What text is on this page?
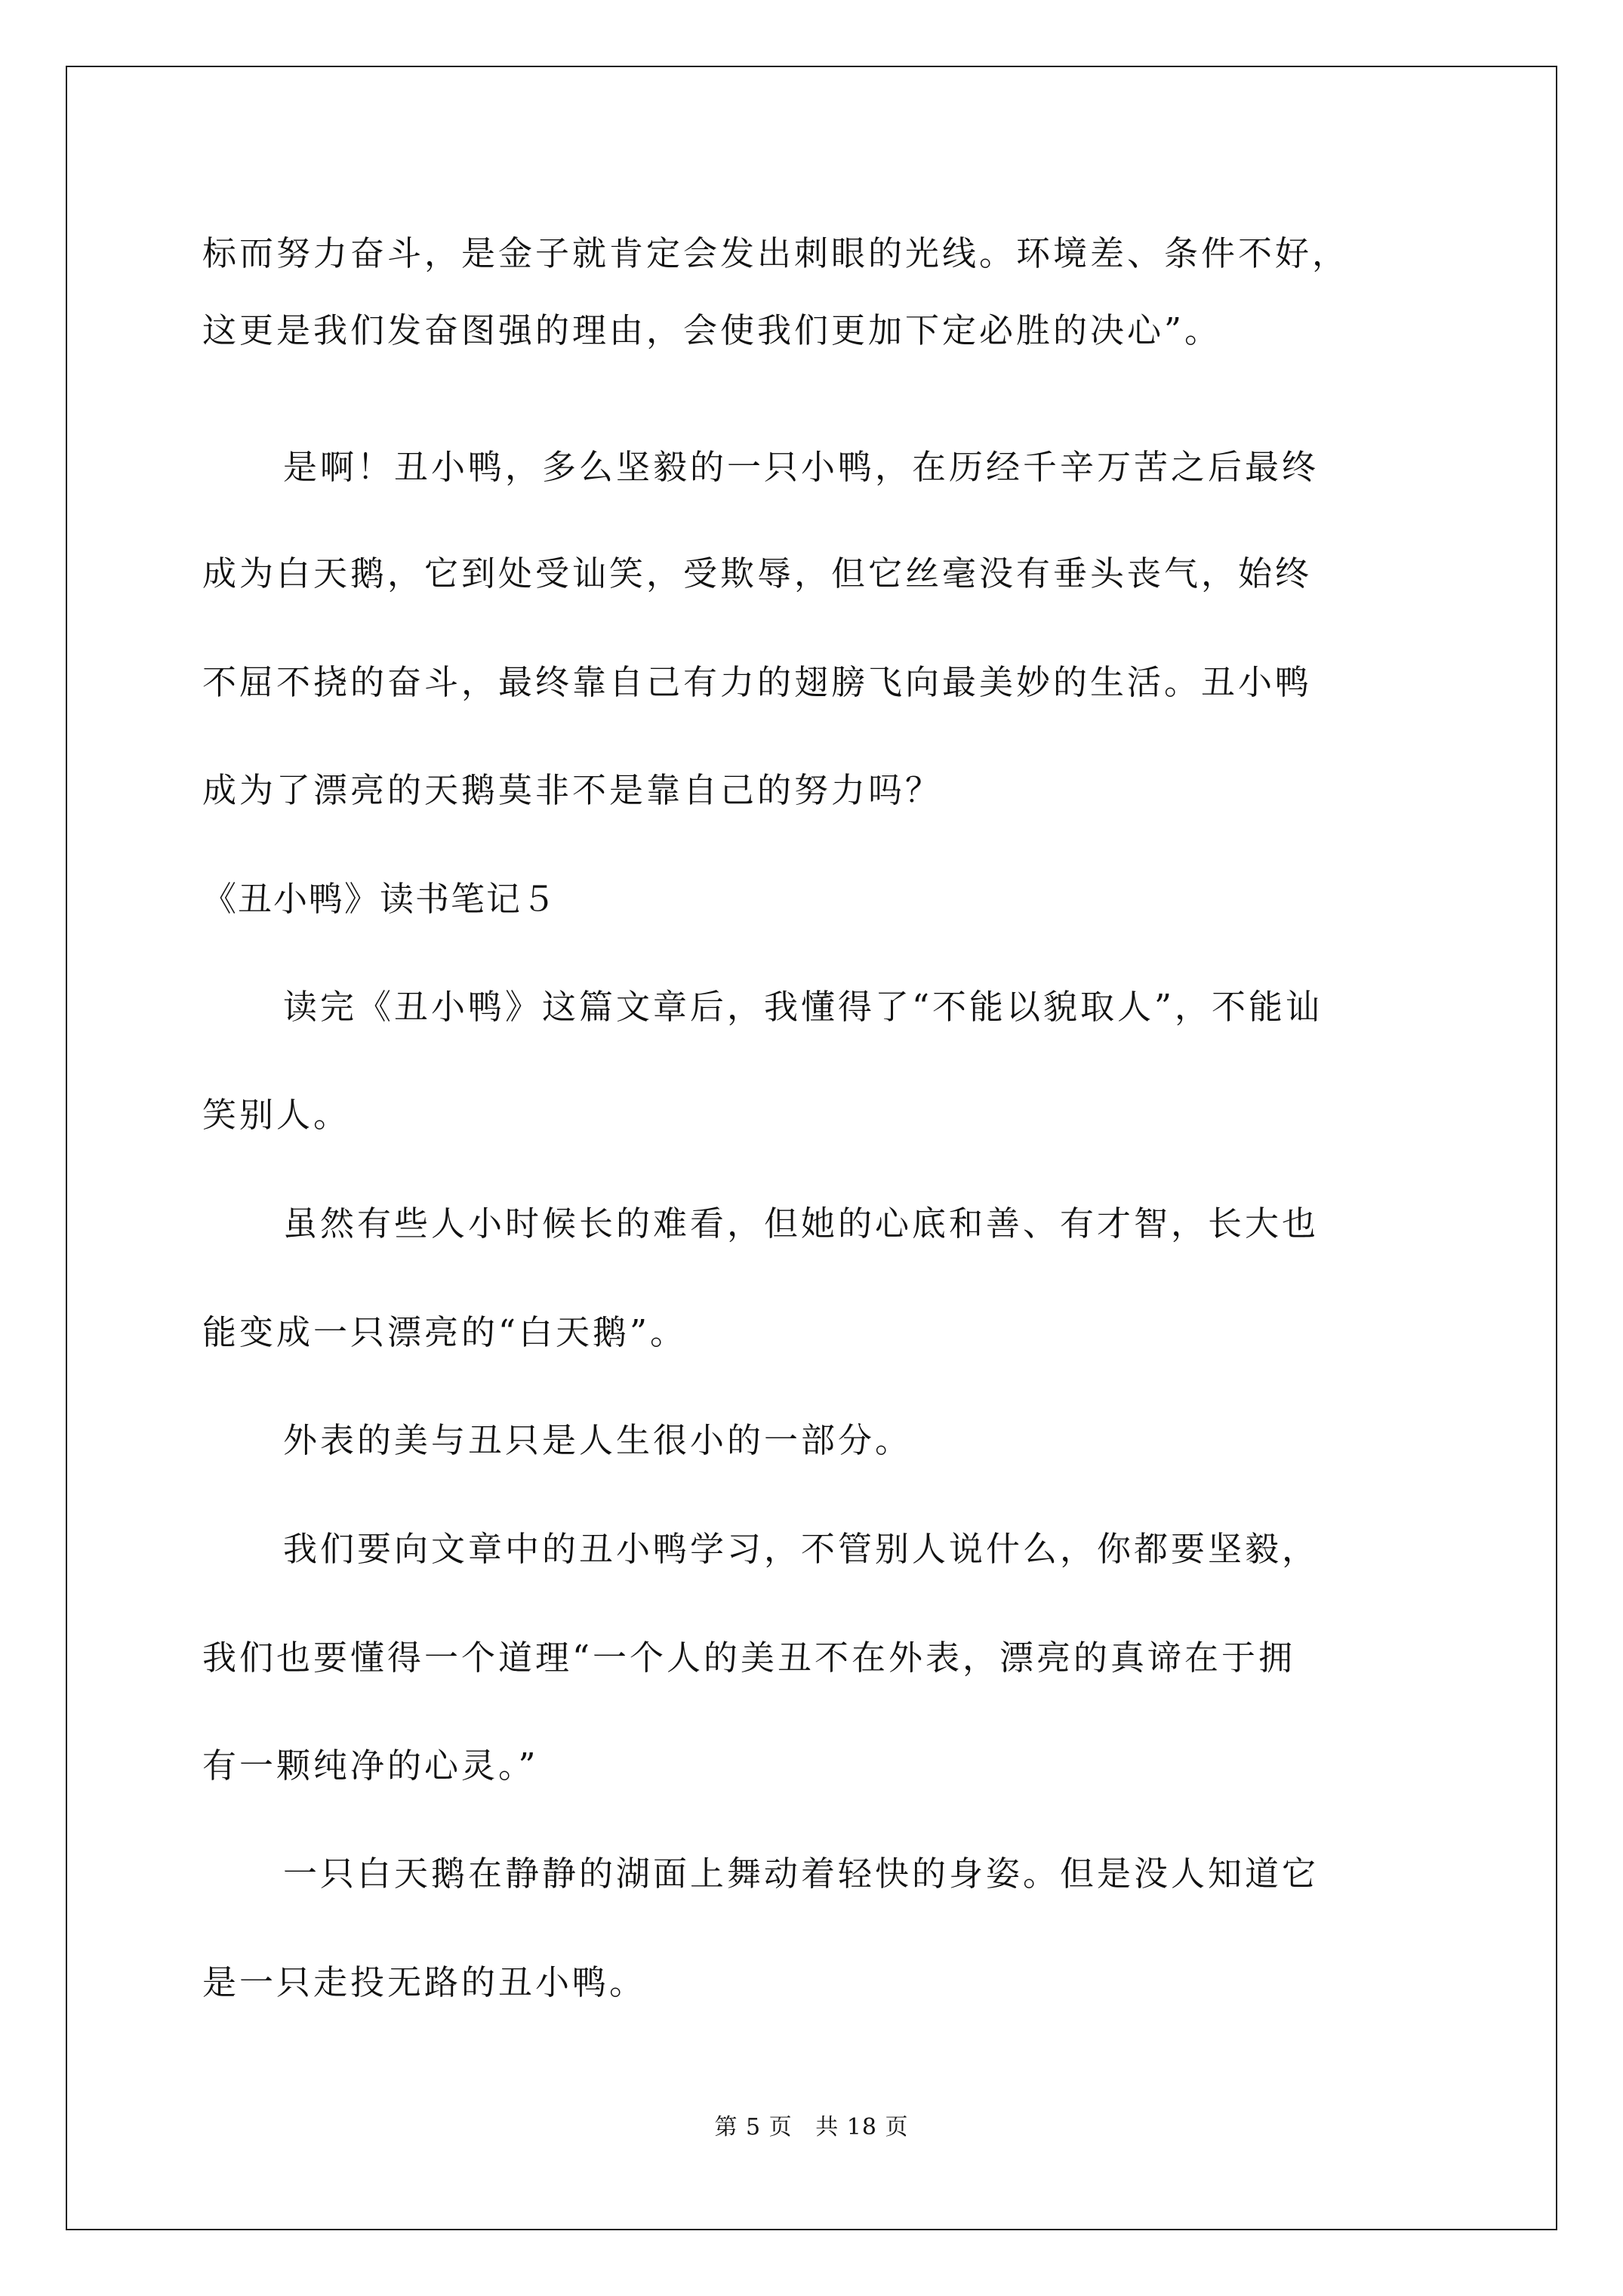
标而努力奋斗，是金子就肯定会发出刺眼的光线。环境差、条件不好，
这更是我们发奋图强的理由，会使我们更加下定必胜的决心”。
是啊！丑小鸭，多么坚毅的一只小鸭，在历经千辛万苦之后最终
成为白天鹅，它到处受讪笑，受欺辱，但它丝毫没有垂头丧气，始终
不屈不挠的奋斗，最终靠自己有力的翅膀飞向最美妙的生活。丑小鸭
成为了漂亮的天鹅莫非不是靠自己的努力吗？
《丑小鸭》读书笔记５
读完《丑小鸭》这篇文章后，我懂得了“不能以貌取人”，不能讪
笑别人。
虽然有些人小时候长的难看，但她的心底和善、有才智，长大也
能变成一只漂亮的“白天鹅”。
外表的美与丑只是人生很小的一部分。
我们要向文章中的丑小鸭学习，不管别人说什么，你都要坚毅，
我们也要懂得一个道理“一个人的美丑不在外表，漂亮的真谛在于拥
有一颗纯净的心灵。”
一只白天鹅在静静的湖面上舞动着轻快的身姿。但是没人知道它
是一只走投无路的丑小鸭。
第 5 页 共 18 页
